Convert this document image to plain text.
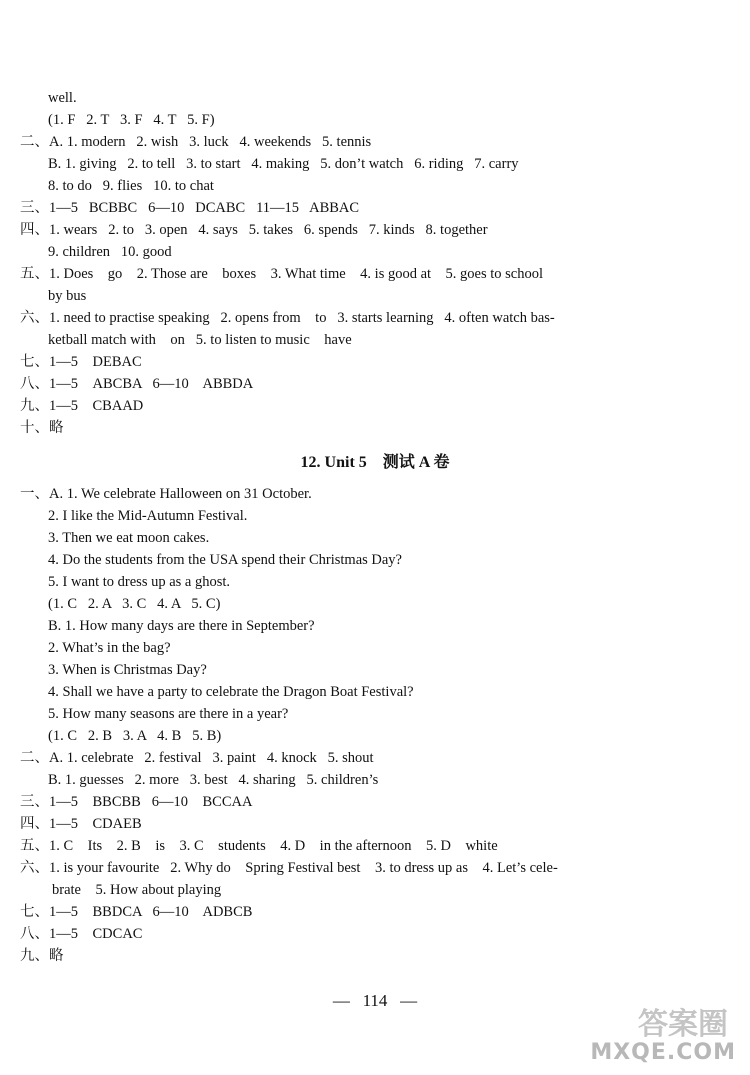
well.
(1. F   2. T   3. F   4. T   5. F)
二、A. 1. modern   2. wish   3. luck   4. weekends   5. tennis
B. 1. giving   2. to tell   3. to start   4. making   5. don’t watch   6. riding   7. carry
8. to do   9. flies   10. to chat
三、1—5   BCBBC   6—10   DCABC   11—15   ABBAC
四、1. wears   2. to   3. open   4. says   5. takes   6. spends   7. kinds   8. together
9. children   10. good
五、1. Does    go    2. Those are    boxes    3. What time    4. is good at    5. goes to school
by bus
六、1. need to practise speaking   2. opens from    to   3. starts learning   4. often watch bas-
ketball match with    on   5. to listen to music    have
七、1—5    DEBAC
八、1—5    ABCBA   6—10    ABBDA
九、1—5    CBAAD
十、略
12. Unit 5    测试 A 卷
一、A. 1. We celebrate Halloween on 31 October.
2. I like the Mid-Autumn Festival.
3. Then we eat moon cakes.
4. Do the students from the USA spend their Christmas Day?
5. I want to dress up as a ghost.
(1. C   2. A   3. C   4. A   5. C)
B. 1. How many days are there in September?
2. What’s in the bag?
3. When is Christmas Day?
4. Shall we have a party to celebrate the Dragon Boat Festival?
5. How many seasons are there in a year?
(1. C   2. B   3. A   4. B   5. B)
二、A. 1. celebrate   2. festival   3. paint   4. knock   5. shout
B. 1. guesses   2. more   3. best   4. sharing   5. children’s
三、1—5    BBCBB   6—10    BCCAA
四、1—5    CDAEB
五、1. C    Its    2. B    is    3. C    students    4. D    in the afternoon    5. D    white
六、1. is your favourite   2. Why do    Spring Festival best    3. to dress up as    4. Let’s cele-
brate    5. How about playing
七、1—5    BBDCA   6—10    ADBCB
八、1—5    CDCAC
九、略
—   114   —
答案圈
MXQE.COM
